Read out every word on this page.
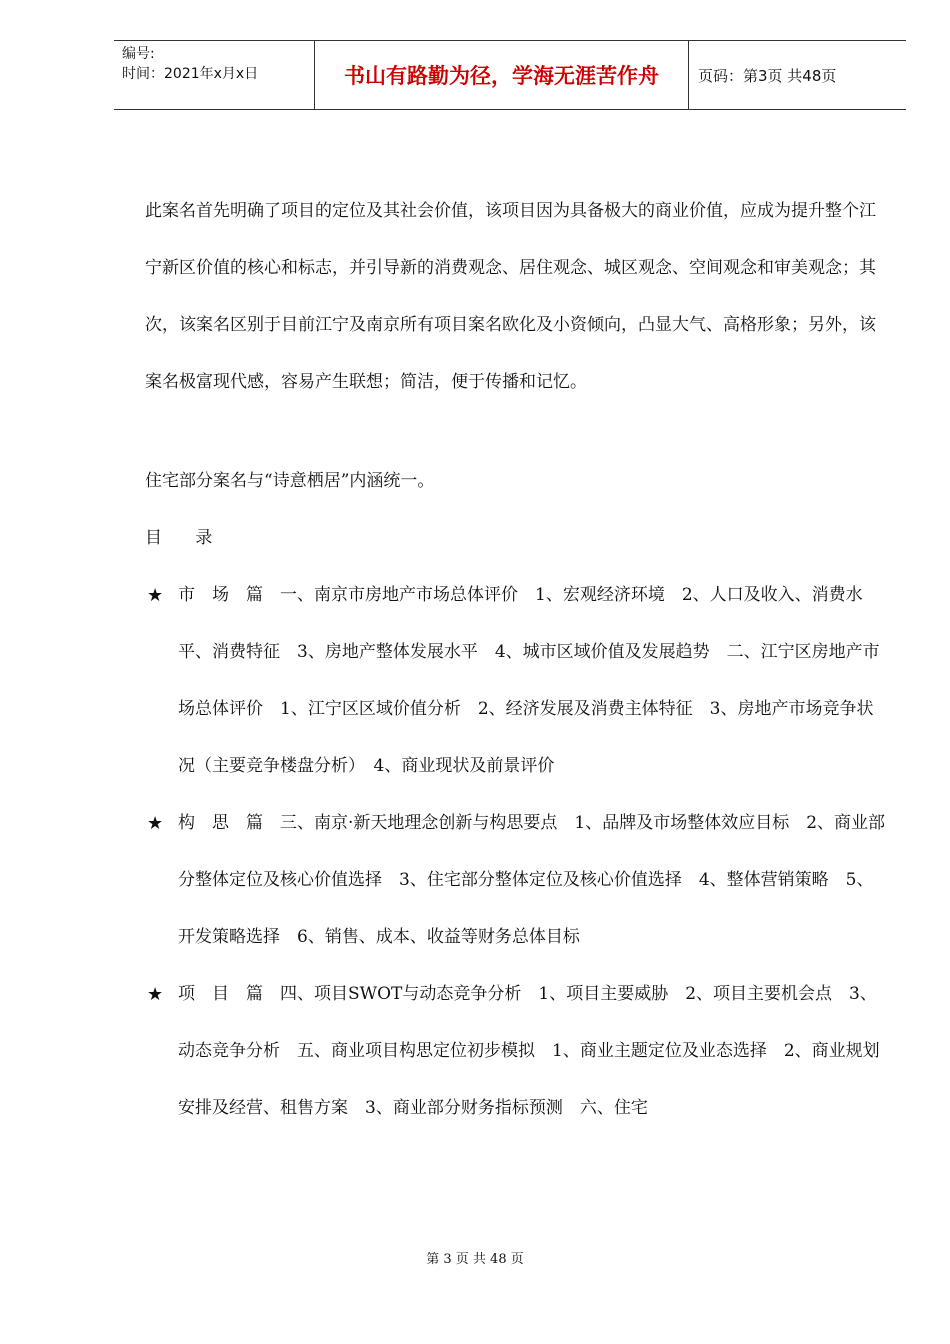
编号:
时间：2021年x月x日	书山有路勤为径，学海无涯苦作舟	页码：第3页 共48页

此案名首先明确了项目的定位及其社会价值，该项目因为具备极大的商业价值，应成为提升整个江宁新区价值的核心和标志，并引导新的消费观念、居住观念、城区观念、空间观念和审美观念；其次，该案名区别于目前江宁及南京所有项目案名欧化及小资倾向，凸显大气、高格形象；另外，该案名极富现代感，容易产生联想；简洁，便于传播和记忆。

住宅部分案名与“诗意栖居”内涵统一。

目 录

★ 市　场　篇　一、南京市房地产市场总体评价　1、宏观经济环境　2、人口及收入、消费水平、消费特征　3、房地产整体发展水平　4、城市区域价值及发展趋势　二、江宁区房地产市场总体评价　1、江宁区区域价值分析　2、经济发展及消费主体特征　3、房地产市场竞争状况（主要竞争楼盘分析）　4、商业现状及前景评价

★ 构　思　篇　三、南京·新天地理念创新与构思要点　1、品牌及市场整体效应目标　2、商业部分整体定位及核心价值选择　3、住宅部分整体定位及核心价值选择　4、整体营销策略　5、开发策略选择　6、销售、成本、收益等财务总体目标

★ 项　目　篇　四、项目SWOT与动态竞争分析　1、项目主要威胁　2、项目主要机会点　3、动态竞争分析　五、商业项目构思定位初步模拟　1、商业主题定位及业态选择　2、商业规划安排及经营、租售方案　3、商业部分财务指标预测　六、住宅

第 3 页 共 48 页
